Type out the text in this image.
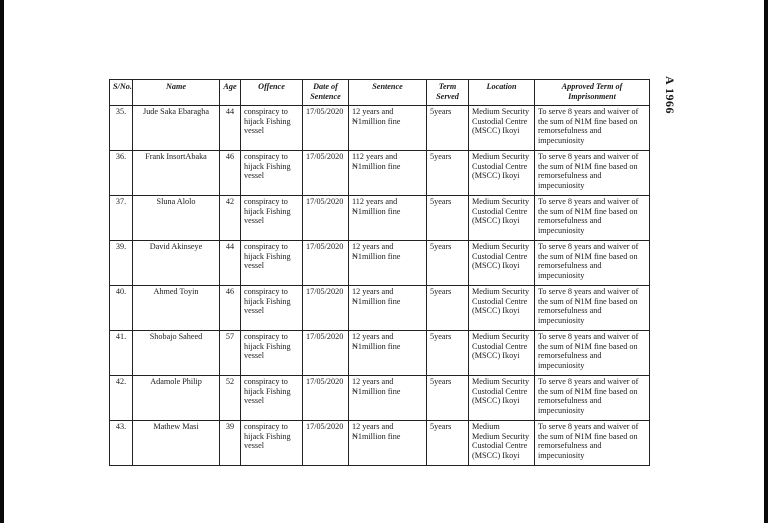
A 1966
S/No.	Name	Age	Offence	Date of Sentence	Sentence	Term Served	Location	Approved Term of Imprisonment
35.	Jude Saka Ebaragha	44	conspiracy to hijack Fishing vessel	17/05/2020	12 years and ₦1million fine	5years	Medium Security
Custodial Centre
(MSCC) Ikoyi	To serve 8 years and waiver of the sum of ₦1M fine based on remorsefulness and impecuniosity
36.	Frank InsortAbaka	46	conspiracy to hijack Fishing vessel	17/05/2020	112 years and ₦1million fine	5years	Medium Security
Custodial Centre
(MSCC) Ikoyi	To serve 8 years and waiver of the sum of ₦1M fine based on remorsefulness and impecuniosity
37.	Sluna Alolo	42	conspiracy to hijack Fishing vessel	17/05/2020	112 years and ₦1million fine	5years	Medium Security
Custodial Centre
(MSCC) Ikoyi	To serve 8 years and waiver of the sum of ₦1M fine based on remorsefulness and impecuniosity
39.	David Akinseye	44	conspiracy to hijack Fishing vessel	17/05/2020	12 years and ₦1million fine	5years	Medium Security
Custodial Centre
(MSCC) Ikoyi	To serve 8 years and waiver of the sum of ₦1M fine based on remorsefulness and impecuniosity
40.	Ahmed Toyin	46	conspiracy to hijack Fishing vessel	17/05/2020	12 years and ₦1million fine	5years	Medium Security
Custodial Centre
(MSCC) Ikoyi	To serve 8 years and waiver of the sum of ₦1M fine based on remorsefulness and impecuniosity
41.	Shobajo Saheed	57	conspiracy to hijack Fishing vessel	17/05/2020	12 years and ₦1million fine	5years	Medium Security
Custodial Centre
(MSCC) Ikoyi	To serve 8 years and waiver of the sum of ₦1M fine based on remorsefulness and impecuniosity
42.	Adamole Philip	52	conspiracy to hijack Fishing vessel	17/05/2020	12 years and ₦1million fine	5years	Medium Security
Custodial Centre
(MSCC) Ikoyi	To serve 8 years and waiver of the sum of ₦1M fine based on remorsefulness and impecuniosity
43.	Mathew Masi	39	conspiracy to hijack Fishing vessel	17/05/2020	12 years and ₦1million fine	5years	Medium
Medium Security
Custodial Centre
(MSCC) Ikoyi	To serve 8 years and waiver of the sum of ₦1M fine based on remorsefulness and impecuniosity
